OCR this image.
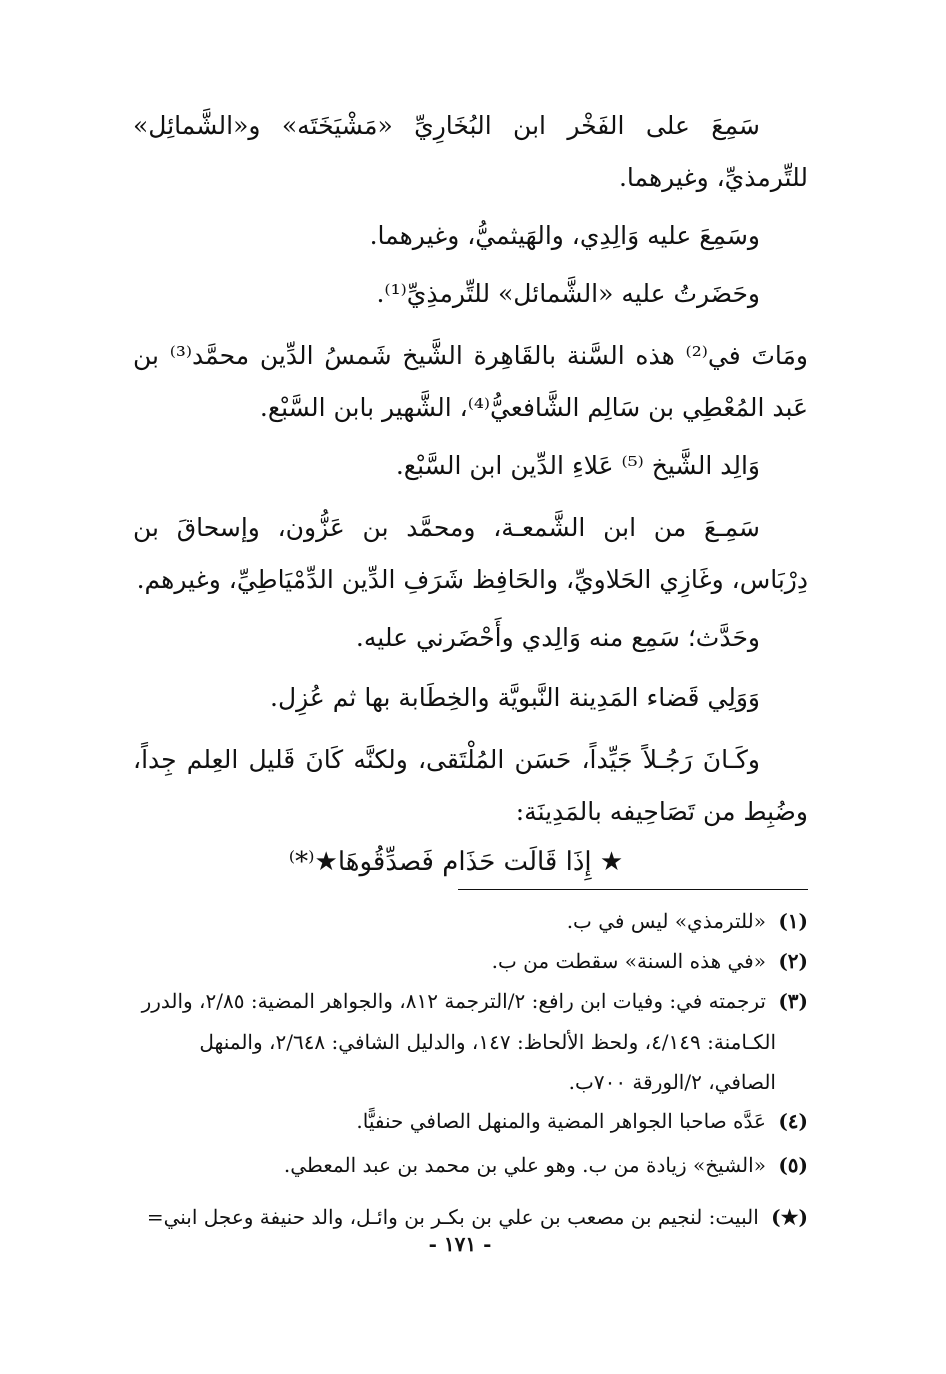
سَمِعَ على الفَخْر ابن البُخَارِيِّ «مَشْيَخَتَه» و«الشَّمائِل» للتِّرمذيِّ، وغيرهما.

وسَمِعَ عليه وَالِدِي، والهَيثميُّ، وغيرهما.

وحَضَرتُ عليه «الشَّمائل» للتِّرمذِيِّ⁽¹⁾.

ومَاتَ في⁽²⁾ هذه السَّنة بالقَاهِرة الشَّيخ شَمسُ الدِّين محمَّد⁽³⁾ بن عَبد المُعْطِي بن سَالِم الشَّافعيُّ⁽⁴⁾، الشَّهير بابن السَّبْع.

وَالِد الشَّيخ ⁽⁵⁾ عَلاءِ الدِّين ابن السَّبْع.

سَمِـعَ من ابن الشَّمعـة، ومحمَّد بن عَزُّون، وإسحاقَ بن دِرْبَاس، وغَازِي الحَلاويِّ، والحَافِظ شَرَفِ الدِّين الدِّمْيَاطِيِّ، وغيرهم.

وحَدَّث؛ سَمِع منه وَالِدي وأَحْضَرني عليه.

وَوَلِي قَضاء المَدِينة النَّبويَّة والخِطَابة بها ثم عُزِل.

وكَـانَ رَجُـلاً جَيِّداً، حَسَن المُلْتَقى، ولكنَّه كَانَ قَليل العِلم جِداً، وضُبِط من تَصَاحِيفه بالمَدِينَة:

★ إِذَا قَالَت حَذَام فَصدِّقُوهَا★⁽*⁾

(١) «للترمذي» ليس في ب.

(٢) «في هذه السنة» سقطت من ب.

(٣) ترجمته في: وفيات ابن رافع: ٢/الترجمة ٨١٢، والجواهر المضية: ٢/٨٥، والدرر

الكـامنة: ٤/١٤٩، ولحظ الألحاظ: ١٤٧، والدليل الشافي: ٢/٦٤٨، والمنهل

الصافي، ٢/الورقة ٧٠٠ب.

(٤) عَدَّه صاحبا الجواهر المضية والمنهل الصافي حنفيًّا.

(٥) «الشيخ» زيادة من ب. وهو علي بن محمد بن عبد المعطي.

(★) البيت: لنجيم بن مصعب بن علي بن بكـر بن وائـل، والد حنيفة وعجل ابني=

- ١٧١ -
